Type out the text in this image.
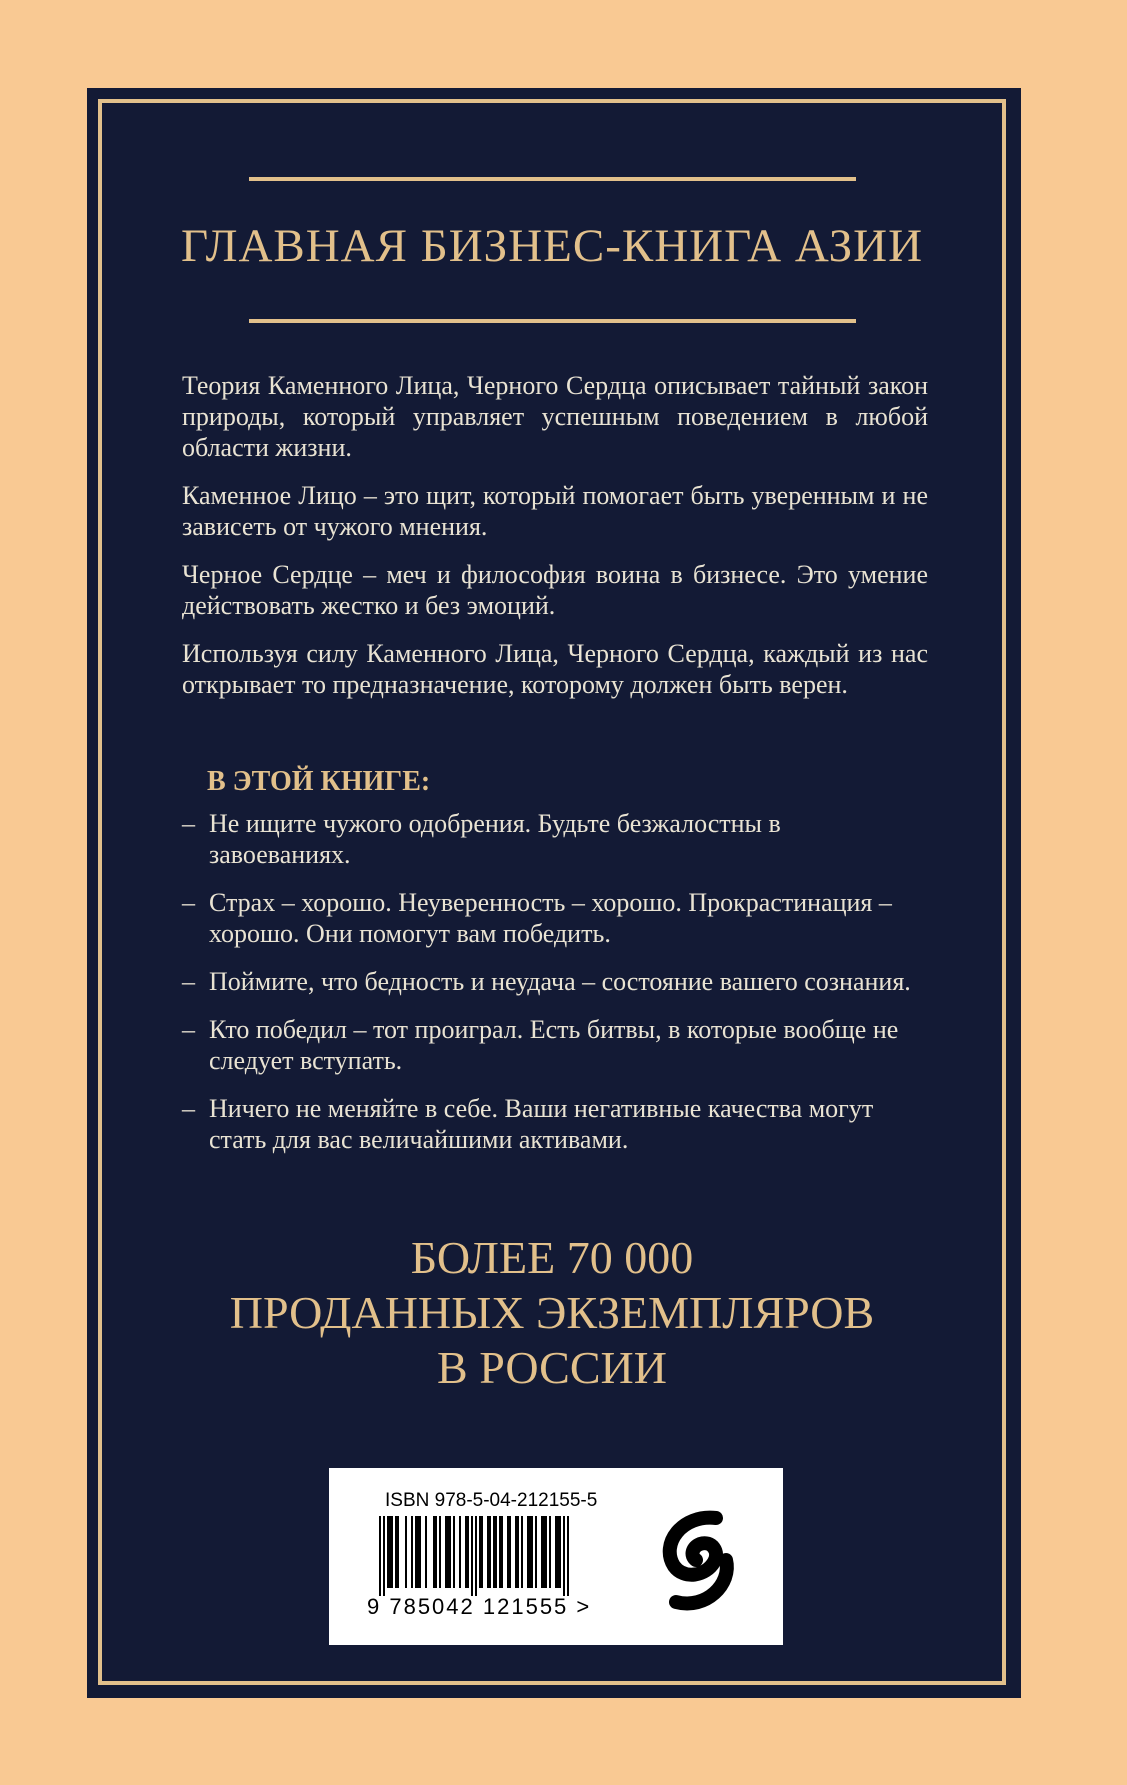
ГЛАВНАЯ БИЗНЕС-КНИГА АЗИИ

Теория Каменного Лица, Черного Сердца описывает тайный закон природы, который управляет успешным поведением в любой области жизни.

Каменное Лицо – это щит, который помогает быть уверенным и не зависеть от чужого мнения.

Черное Сердце – меч и философия воина в бизнесе. Это умение действовать жестко и без эмоций.

Используя силу Каменного Лица, Черного Сердца, каждый из нас открывает то предназначение, которому должен быть верен.

В ЭТОЙ КНИГЕ:
– Не ищите чужого одобрения. Будьте безжалостны в завоеваниях.
– Страх – хорошо. Неуверенность – хорошо. Прокрастинация – хорошо. Они помогут вам победить.
– Поймите, что бедность и неудача – состояние вашего сознания.
– Кто победил – тот проиграл. Есть битвы, в которые вообще не следует вступать.
– Ничего не меняйте в себе. Ваши негативные качества могут стать для вас величайшими активами.
БОЛЕЕ 70 000
ПРОДАННЫХ ЭКЗЕМПЛЯРОВ
В РОССИИ
ISBN 978-5-04-212155-5
9 785042 121555 >
